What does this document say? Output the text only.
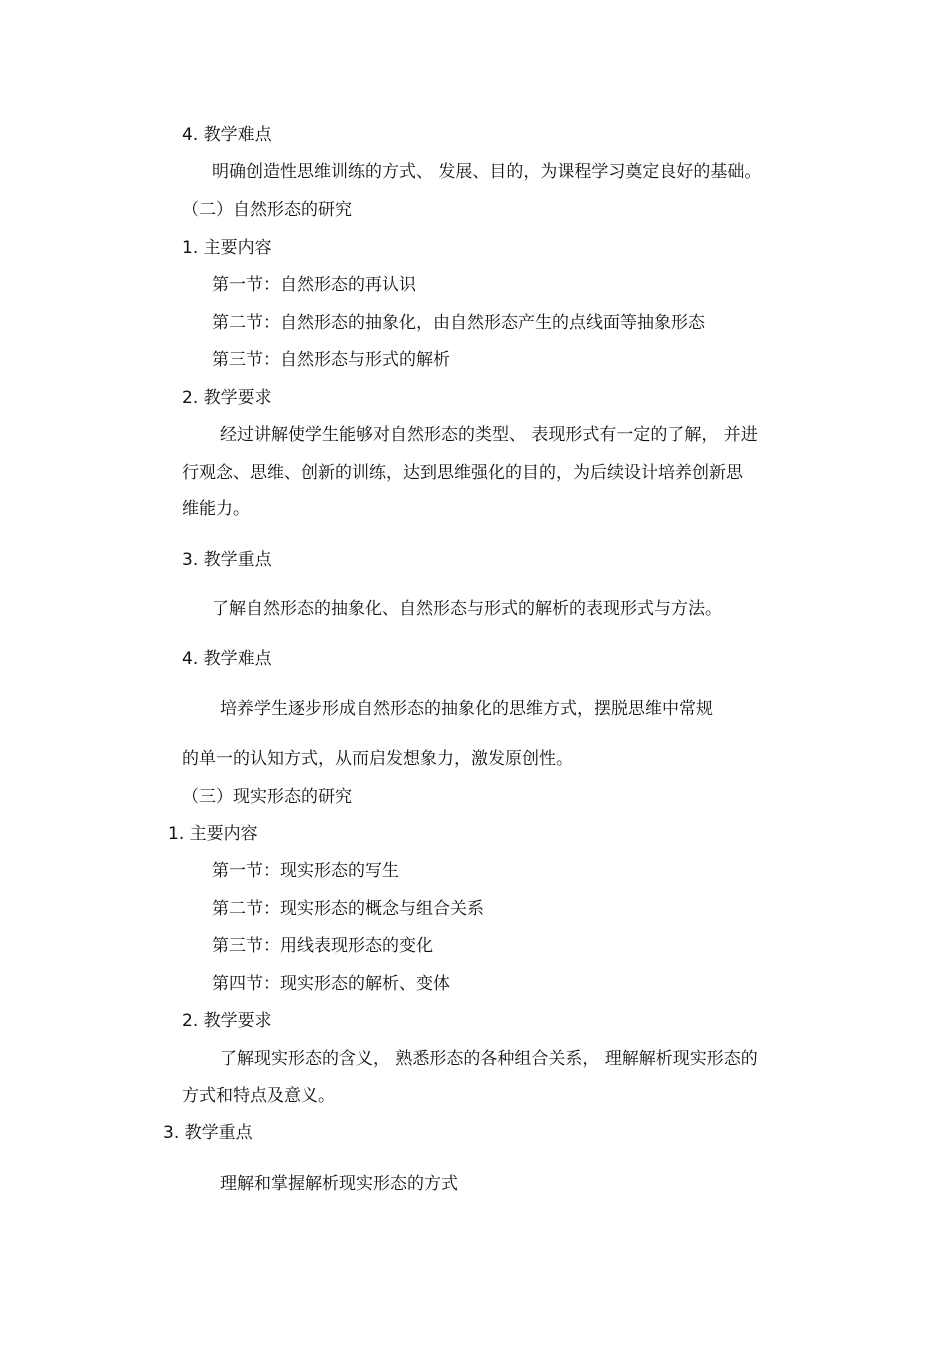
4. 教学难点
明确创造性思维训练的方式、 发展、目的，为课程学习奠定良好的基础。
（二）自然形态的研究
1. 主要内容
第一节：自然形态的再认识
第二节：自然形态的抽象化，由自然形态产生的点线面等抽象形态
第三节：自然形态与形式的解析
2. 教学要求
经过讲解使学生能够对自然形态的类型、 表现形式有一定的了解， 并进
行观念、思维、创新的训练，达到思维强化的目的，为后续设计培养创新思
维能力。
3. 教学重点
了解自然形态的抽象化、自然形态与形式的解析的表现形式与方法。
4. 教学难点
培养学生逐步形成自然形态的抽象化的思维方式，摆脱思维中常规
的单一的认知方式，从而启发想象力，激发原创性。
（三）现实形态的研究
1. 主要内容
第一节：现实形态的写生
第二节：现实形态的概念与组合关系
第三节：用线表现形态的变化
第四节：现实形态的解析、变体
2. 教学要求
了解现实形态的含义， 熟悉形态的各种组合关系， 理解解析现实形态的
方式和特点及意义。
3. 教学重点
理解和掌握解析现实形态的方式
